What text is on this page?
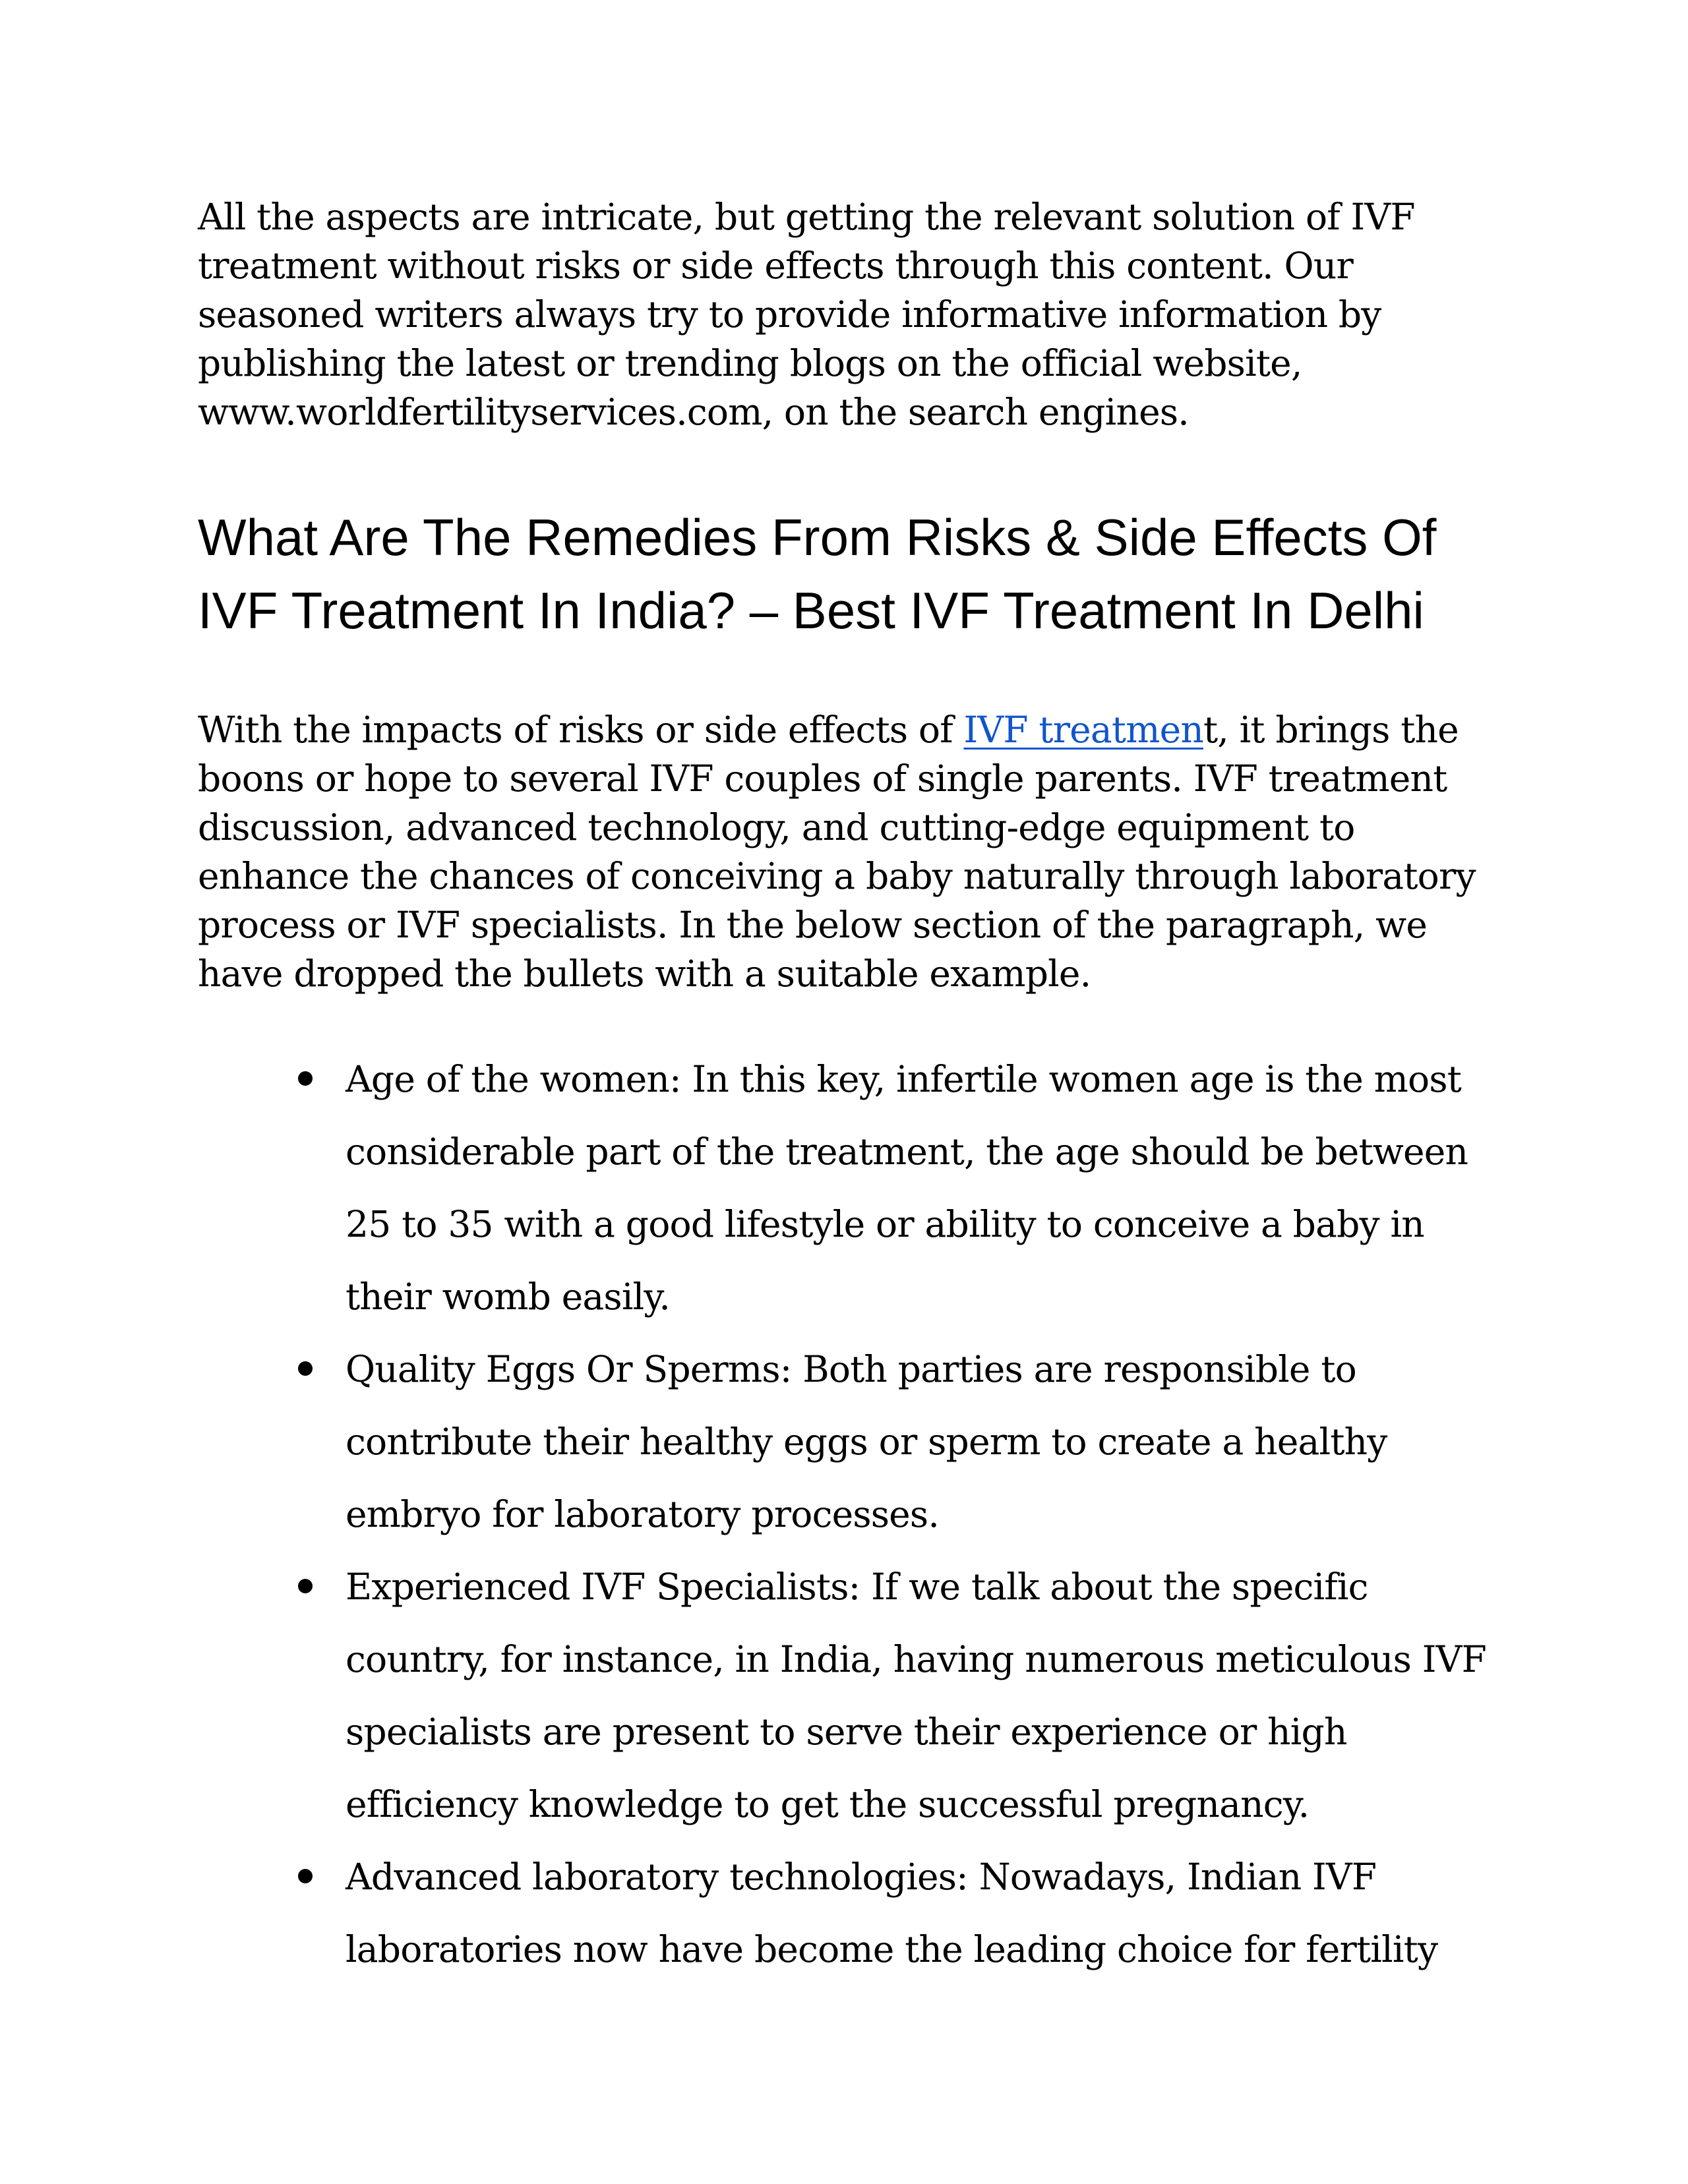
All the aspects are intricate, but getting the relevant solution of IVF treatment without risks or side effects through this content. Our seasoned writers always try to provide informative information by publishing the latest or trending blogs on the official website, www.worldfertilityservices.com, on the search engines.

What Are The Remedies From Risks & Side Effects Of IVF Treatment In India? – Best IVF Treatment In Delhi

With the impacts of risks or side effects of IVF treatment, it brings the boons or hope to several IVF couples of single parents. IVF treatment discussion, advanced technology, and cutting-edge equipment to enhance the chances of conceiving a baby naturally through laboratory process or IVF specialists. In the below section of the paragraph, we have dropped the bullets with a suitable example.

Age of the women: In this key, infertile women age is the most considerable part of the treatment, the age should be between 25 to 35 with a good lifestyle or ability to conceive a baby in their womb easily.
Quality Eggs Or Sperms: Both parties are responsible to contribute their healthy eggs or sperm to create a healthy embryo for laboratory processes.
Experienced IVF Specialists: If we talk about the specific country, for instance, in India, having numerous meticulous IVF specialists are present to serve their experience or high efficiency knowledge to get the successful pregnancy.
Advanced laboratory technologies: Nowadays, Indian IVF laboratories now have become the leading choice for fertility
